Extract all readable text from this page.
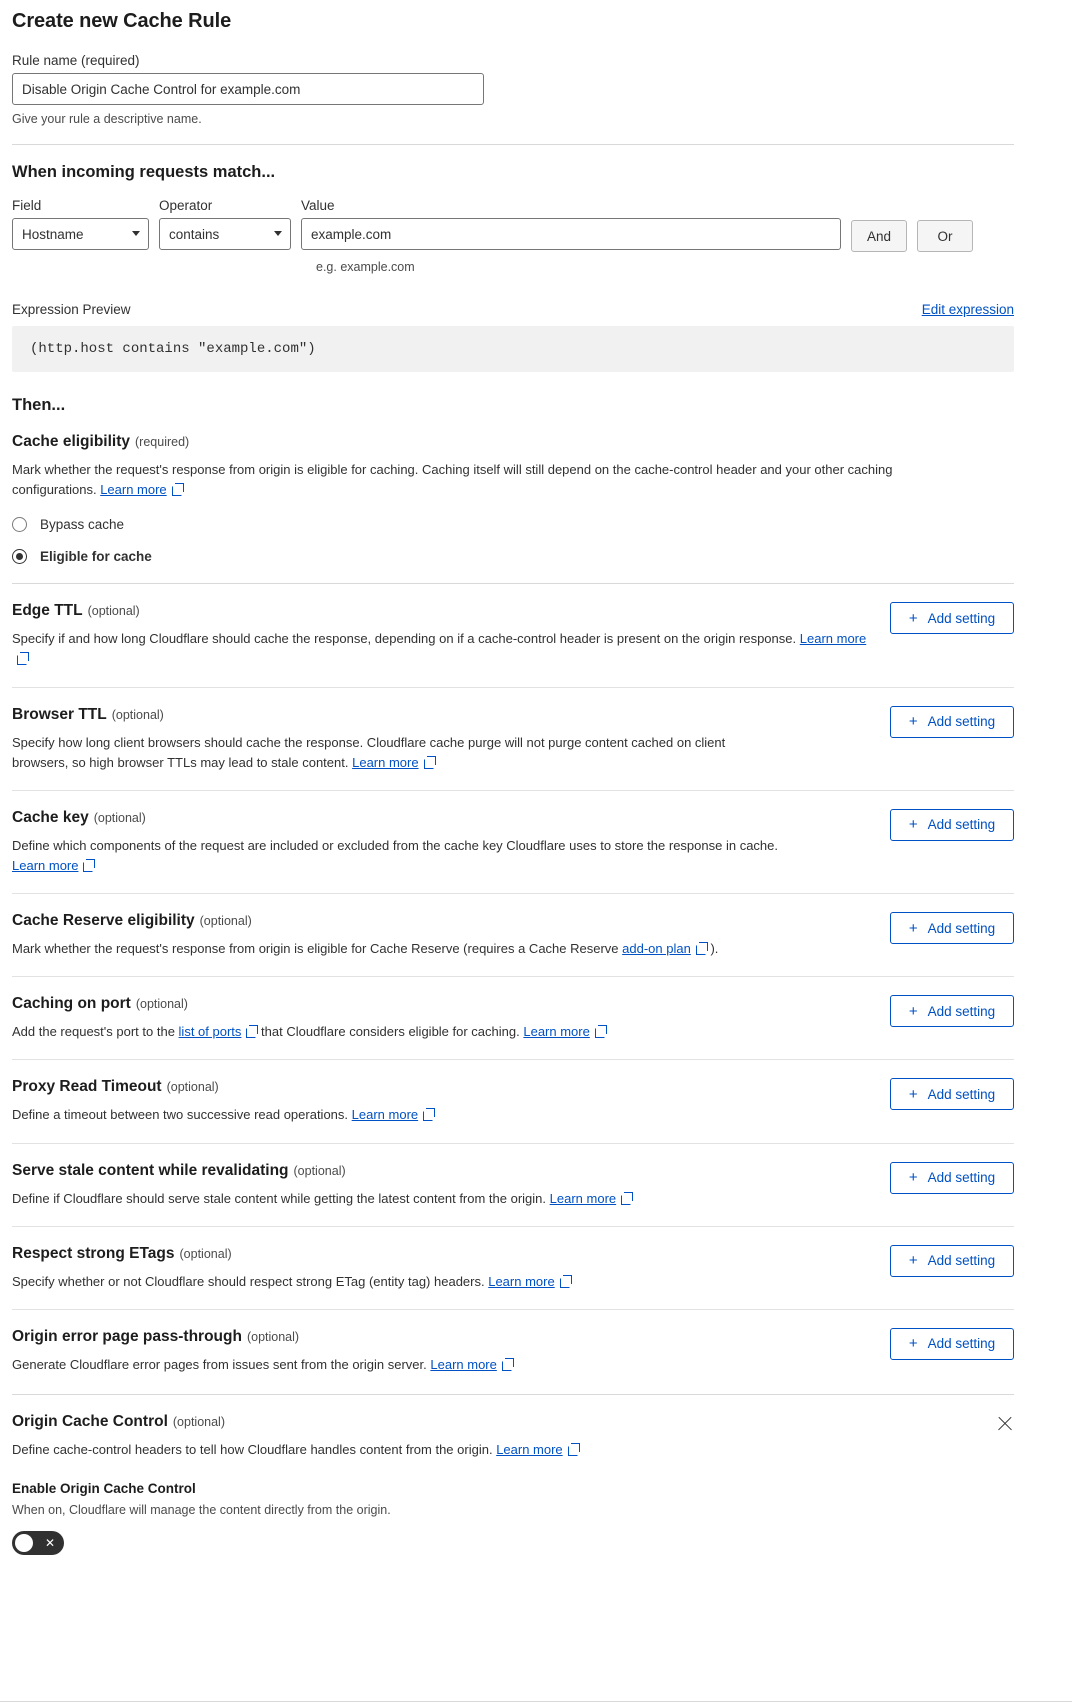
Create new Cache Rule
Rule name (required)
Disable Origin Cache Control for example.com
Give your rule a descriptive name.
When incoming requests match...
Field
Hostname	Operator
contains	Value
example.com
And	Or
e.g. example.com
Expression Preview	Edit expression
(http.host contains "example.com")
Then...
Cache eligibility (required)
Mark whether the request's response from origin is eligible for caching. Caching itself will still depend on the cache-control header and your other caching configurations. Learn more
Bypass cache
Eligible for cache
Edge TTL (optional)
Specify if and how long Cloudflare should cache the response, depending on if a cache-control header is present on the origin response. Learn more
+ Add setting
Browser TTL (optional)
Specify how long client browsers should cache the response. Cloudflare cache purge will not purge content cached on client browsers, so high browser TTLs may lead to stale content. Learn more
+ Add setting
Cache key (optional)
Define which components of the request are included or excluded from the cache key Cloudflare uses to store the response in cache. Learn more
+ Add setting
Cache Reserve eligibility (optional)
Mark whether the request's response from origin is eligible for Cache Reserve (requires a Cache Reserve add-on plan ).
+ Add setting
Caching on port (optional)
Add the request's port to the list of ports that Cloudflare considers eligible for caching. Learn more
+ Add setting
Proxy Read Timeout (optional)
Define a timeout between two successive read operations. Learn more
+ Add setting
Serve stale content while revalidating (optional)
Define if Cloudflare should serve stale content while getting the latest content from the origin. Learn more
+ Add setting
Respect strong ETags (optional)
Specify whether or not Cloudflare should respect strong ETag (entity tag) headers. Learn more
+ Add setting
Origin error page pass-through (optional)
Generate Cloudflare error pages from issues sent from the origin server. Learn more
+ Add setting
Origin Cache Control (optional)
Define cache-control headers to tell how Cloudflare handles content from the origin. Learn more
Enable Origin Cache Control
When on, Cloudflare will manage the content directly from the origin.
✕
